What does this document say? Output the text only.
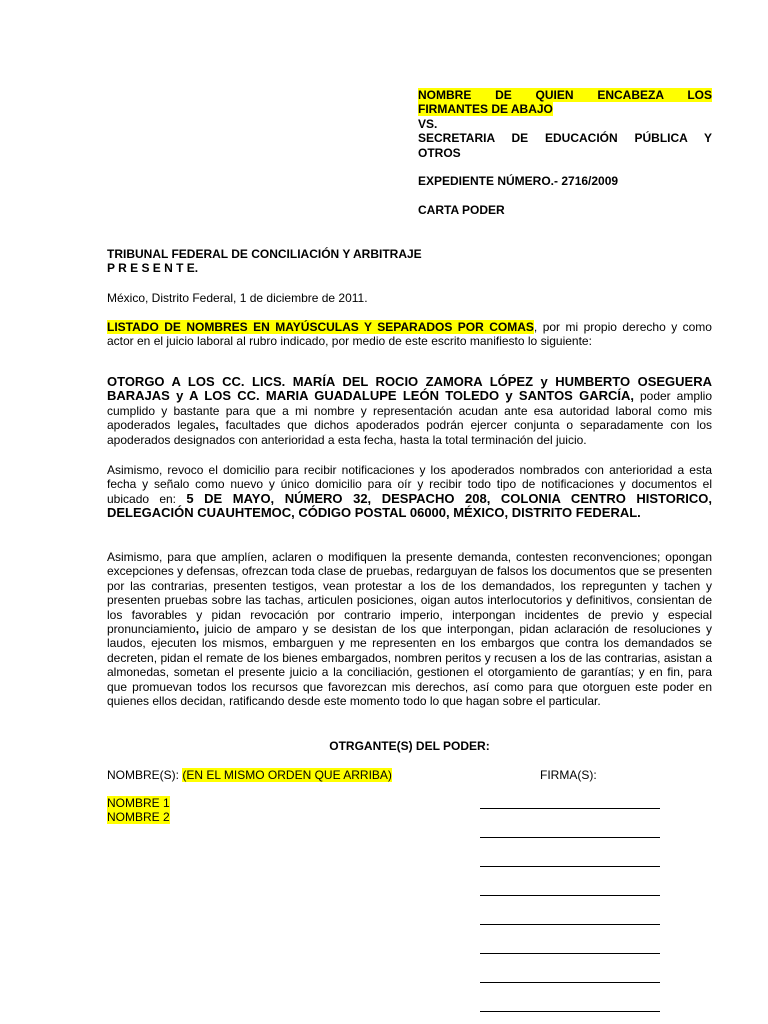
NOMBRE DE QUIEN ENCABEZA LOS
FIRMANTES DE ABAJO
VS.
SECRETARIA DE EDUCACIÓN PÚBLICA Y
OTROS
EXPEDIENTE NÚMERO.- 2716/2009
CARTA PODER
TRIBUNAL FEDERAL DE CONCILIACIÓN Y ARBITRAJE
P R E S E N T E.
México, Distrito Federal, 1 de diciembre de 2011.

LISTADO DE NOMBRES EN MAYÚSCULAS Y SEPARADOS POR COMAS, por mi propio derecho y como actor en el juicio laboral al rubro indicado, por medio de este escrito manifiesto lo siguiente:

OTORGO A LOS CC. LICS. MARÍA DEL ROCIO ZAMORA LÓPEZ y HUMBERTO OSEGUERA BARAJAS y A LOS CC. MARIA GUADALUPE LEÓN TOLEDO y SANTOS GARCÍA, poder amplio cumplido y bastante para que a mi nombre y representación acudan ante esa autoridad laboral como mis apoderados legales, facultades que dichos apoderados podrán ejercer conjunta o separadamente con los apoderados designados con anterioridad a esta fecha, hasta la total terminación del juicio.

Asimismo, revoco el domicilio para recibir notificaciones y los apoderados nombrados con anterioridad a esta fecha y señalo como nuevo y único domicilio para oír y recibir todo tipo de notificaciones y documentos el ubicado en: 5 DE MAYO, NÚMERO 32, DESPACHO 208, COLONIA CENTRO HISTORICO, DELEGACIÓN CUAUHTEMOC, CÓDIGO POSTAL 06000, MÉXICO, DISTRITO FEDERAL.

Asimismo, para que amplíen, aclaren o modifiquen la presente demanda, contesten reconvenciones; opongan excepciones y defensas, ofrezcan toda clase de pruebas, redarguyan de falsos los documentos que se presenten por las contrarias, presenten testigos, vean protestar a los de los demandados, los repregunten y tachen y presenten pruebas sobre las tachas, articulen posiciones, oigan autos interlocutorios y definitivos, consientan de los favorables y pidan revocación por contrario imperio, interpongan incidentes de previo y especial pronunciamiento, juicio de amparo y se desistan de los que interpongan, pidan aclaración de resoluciones y laudos, ejecuten los mismos, embarguen y me representen en los embargos que contra los demandados se decreten, pidan el remate de los bienes embargados, nombren peritos y recusen a los de las contrarias, asistan a almonedas, sometan el presente juicio a la conciliación, gestionen el otorgamiento de garantías; y en fin, para que promuevan todos los recursos que favorezcan mis derechos, así como para que otorguen este poder en quienes ellos decidan, ratificando desde este momento todo lo que hagan sobre el particular.

OTRGANTE(S) DEL PODER:
NOMBRE(S): (EN EL MISMO ORDEN QUE ARRIBA)	FIRMA(S):
NOMBRE 1
NOMBRE 2
